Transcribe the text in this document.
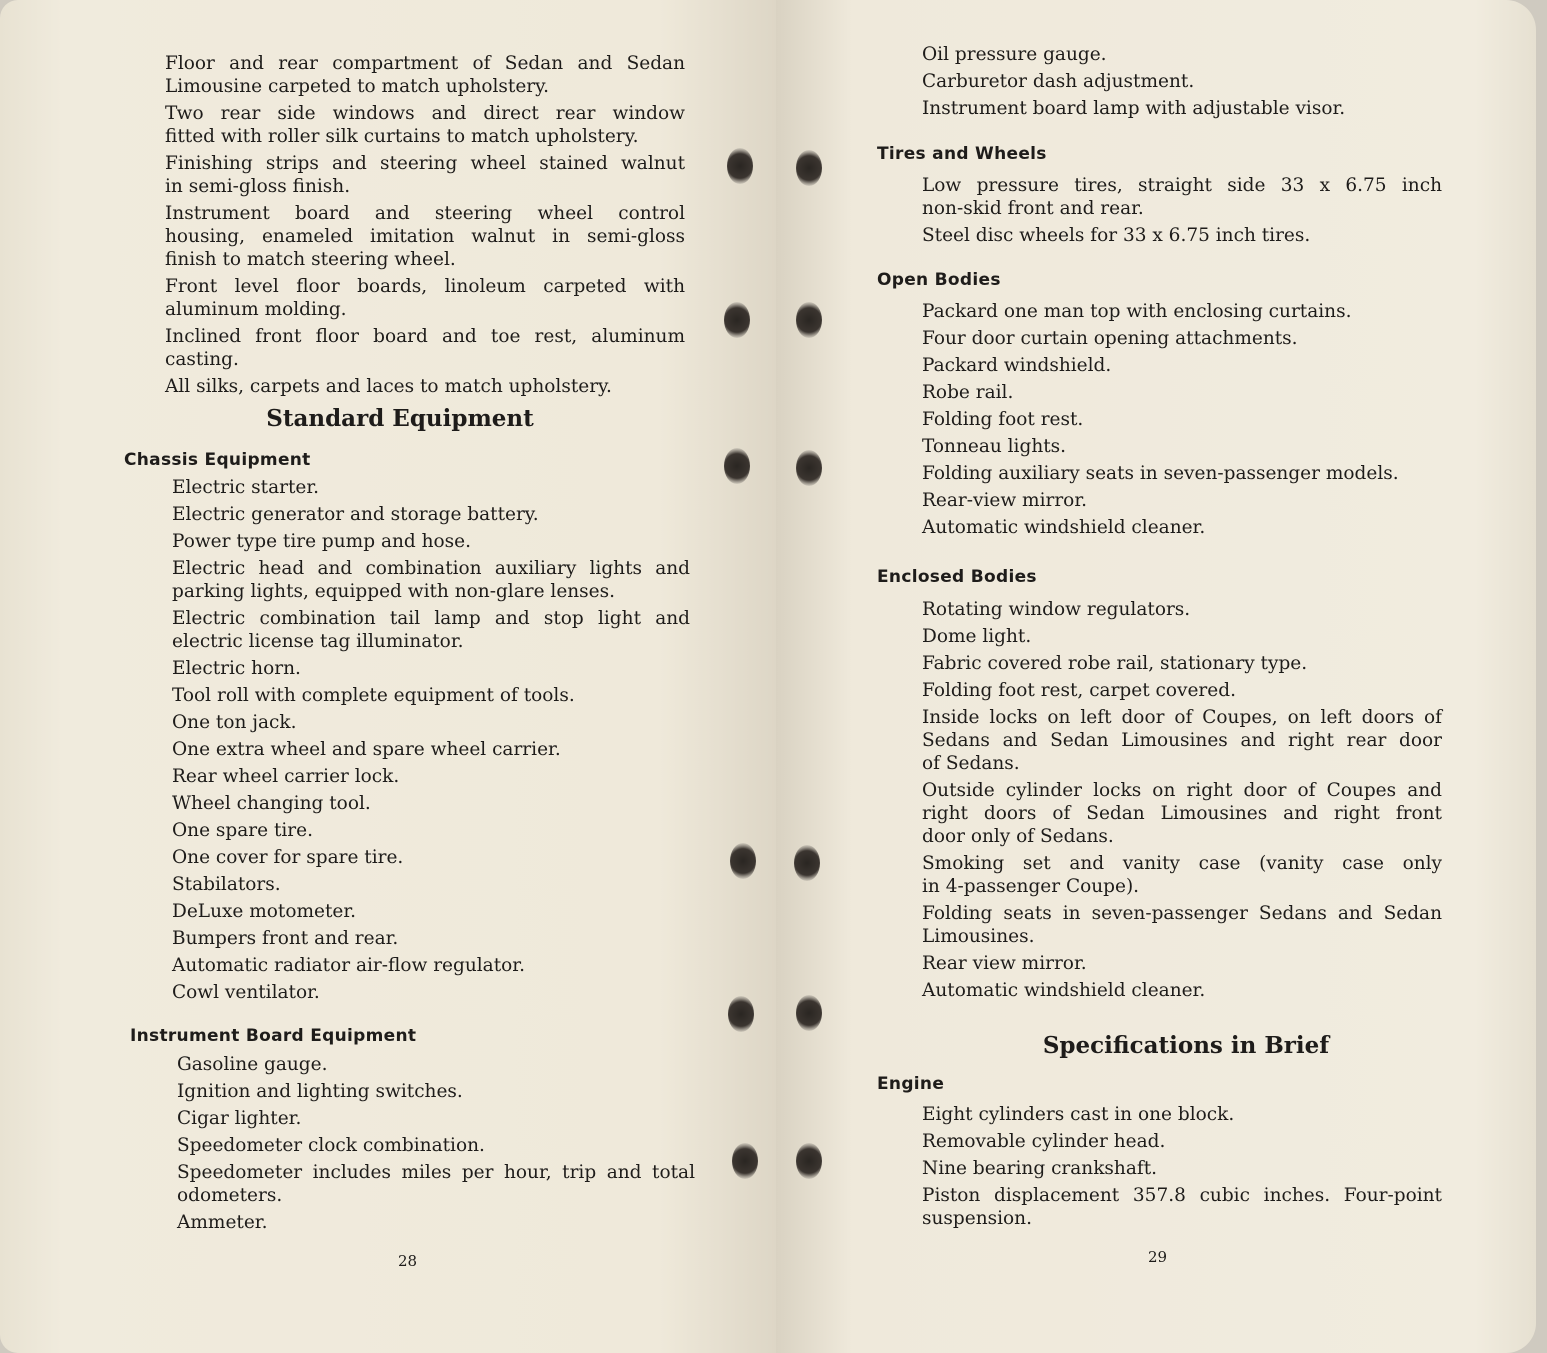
Floor and rear compartment of Sedan and Sedan
Limousine carpeted to match upholstery.
Two rear side windows and direct rear window
fitted with roller silk curtains to match upholstery.
Finishing strips and steering wheel stained walnut
in semi-gloss finish.
Instrument board and steering wheel control
housing, enameled imitation walnut in semi-gloss
finish to match steering wheel.
Front level floor boards, linoleum carpeted with
aluminum molding.
Inclined front floor board and toe rest, aluminum
casting.
All silks, carpets and laces to match upholstery.
Standard Equipment
Chassis Equipment
Electric starter.
Electric generator and storage battery.
Power type tire pump and hose.
Electric head and combination auxiliary lights and
parking lights, equipped with non-glare lenses.
Electric combination tail lamp and stop light and
electric license tag illuminator.
Electric horn.
Tool roll with complete equipment of tools.
One ton jack.
One extra wheel and spare wheel carrier.
Rear wheel carrier lock.
Wheel changing tool.
One spare tire.
One cover for spare tire.
Stabilators.
DeLuxe motometer.
Bumpers front and rear.
Automatic radiator air-flow regulator.
Cowl ventilator.
Instrument Board Equipment
Gasoline gauge.
Ignition and lighting switches.
Cigar lighter.
Speedometer clock combination.
Speedometer includes miles per hour, trip and total
odometers.
Ammeter.
28
Oil pressure gauge.
Carburetor dash adjustment.
Instrument board lamp with adjustable visor.
Tires and Wheels
Low pressure tires, straight side 33 x 6.75 inch
non-skid front and rear.
Steel disc wheels for 33 x 6.75 inch tires.
Open Bodies
Packard one man top with enclosing curtains.
Four door curtain opening attachments.
Packard windshield.
Robe rail.
Folding foot rest.
Tonneau lights.
Folding auxiliary seats in seven-passenger models.
Rear-view mirror.
Automatic windshield cleaner.
Enclosed Bodies
Rotating window regulators.
Dome light.
Fabric covered robe rail, stationary type.
Folding foot rest, carpet covered.
Inside locks on left door of Coupes, on left doors of
Sedans and Sedan Limousines and right rear door
of Sedans.
Outside cylinder locks on right door of Coupes and
right doors of Sedan Limousines and right front
door only of Sedans.
Smoking set and vanity case (vanity case only
in 4-passenger Coupe).
Folding seats in seven-passenger Sedans and Sedan
Limousines.
Rear view mirror.
Automatic windshield cleaner.
Specifications in Brief
Engine
Eight cylinders cast in one block.
Removable cylinder head.
Nine bearing crankshaft.
Piston displacement 357.8 cubic inches. Four-point
suspension.
29
